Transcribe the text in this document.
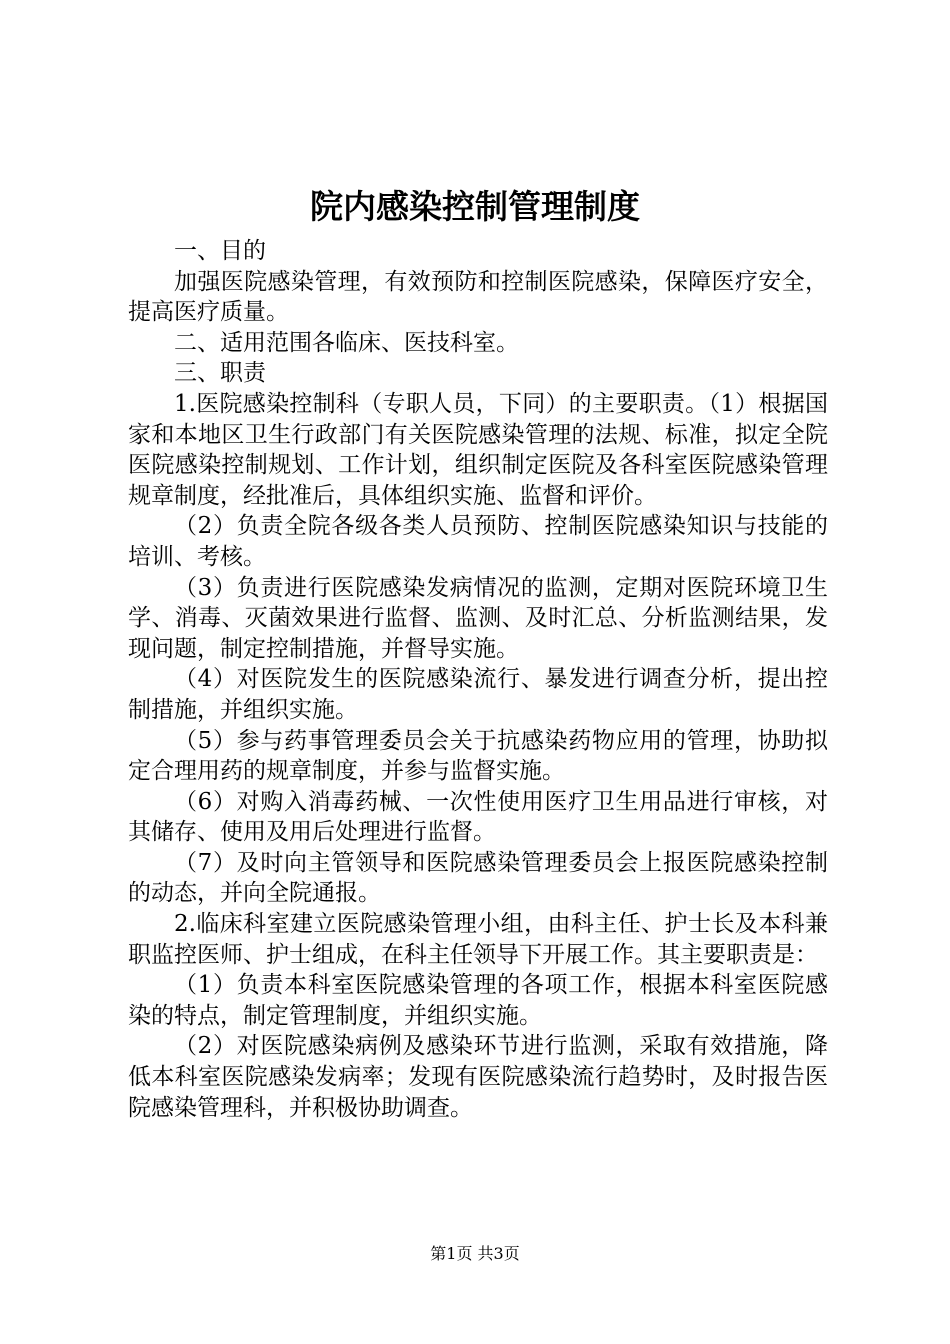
院内感染控制管理制度

一、目的

加强医院感染管理，有效预防和控制医院感染，保障医疗安全，提高医疗质量。

二、适用范围各临床、医技科室。

三、职责

1.医院感染控制科（专职人员，下同）的主要职责。（1）根据国家和本地区卫生行政部门有关医院感染管理的法规、标准，拟定全院医院感染控制规划、工作计划，组织制定医院及各科室医院感染管理规章制度，经批准后，具体组织实施、监督和评价。

（2）负责全院各级各类人员预防、控制医院感染知识与技能的培训、考核。

（3）负责进行医院感染发病情况的监测，定期对医院环境卫生学、消毒、灭菌效果进行监督、监测、及时汇总、分析监测结果，发现问题，制定控制措施，并督导实施。

（4）对医院发生的医院感染流行、暴发进行调查分析，提出控制措施，并组织实施。

（5）参与药事管理委员会关于抗感染药物应用的管理，协助拟定合理用药的规章制度，并参与监督实施。

（6）对购入消毒药械、一次性使用医疗卫生用品进行审核，对其储存、使用及用后处理进行监督。

（7）及时向主管领导和医院感染管理委员会上报医院感染控制的动态，并向全院通报。

2.临床科室建立医院感染管理小组，由科主任、护士长及本科兼职监控医师、护士组成，在科主任领导下开展工作。其主要职责是：

（1）负责本科室医院感染管理的各项工作，根据本科室医院感染的特点，制定管理制度，并组织实施。

（2）对医院感染病例及感染环节进行监测，采取有效措施，降低本科室医院感染发病率；发现有医院感染流行趋势时，及时报告医院感染管理科，并积极协助调查。

第1页 共3页
